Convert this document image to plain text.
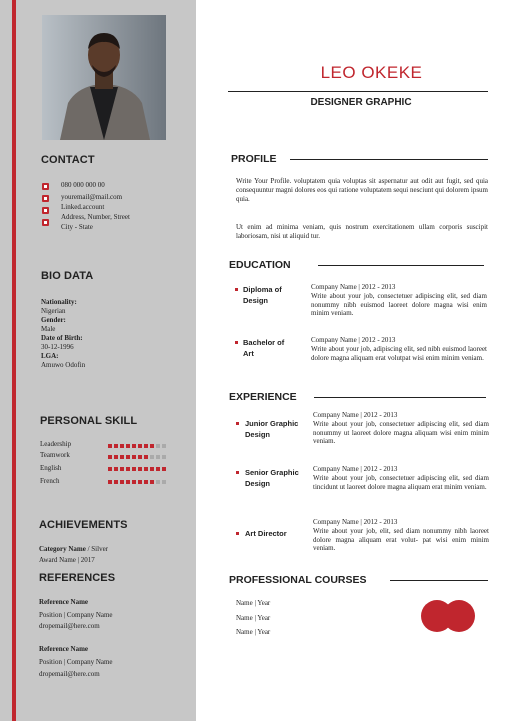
CONTACT
080 000 000 00
youremail@mail.com
Linked.account
Address, Number, Street
City - State
BIO DATA
Nationality:
Nigerian
Gender:
Male
Date of Birth:
30-12-1996
LGA:
Amuwo Odofin
PERSONAL SKILL
Leadership
Teamwork
English
French
ACHIEVEMENTS
Category Name / Silver
Award Name | 2017
REFERENCES
Reference Name
Position | Company Name
dropemail@here.com
Reference Name
Position | Company Name
dropemail@here.com
LEO OKEKE
DESIGNER GRAPHIC
PROFILE
Write Your Profile. voluptatem quia voluptas sit aspernatur aut odit aut fugit, sed quia consequuntur magni dolores eos qui ratione voluptatem sequi nesciunt qui dolorem ipsum quia.
Ut enim ad minima veniam, quis nostrum exercitationem ullam corporis suscipit laboriosam, nisi ut aliquid tur.
EDUCATION
Diploma of
Design
Company Name | 2012 - 2013
Write about your job, consectetuer adipiscing elit, sed diam nonummy nibh euismod laoreet dolore magna wisi enim minim veniam.
Bachelor of
Art
Company Name | 2012 - 2013
Write about your job, adipiscing elit, sed nibh euismod laoreet dolore magna aliquam erat volutpat wisi enim minim veniam.
EXPERIENCE
Junior Graphic
Design
Company Name | 2012 - 2013
Write about your job, consectetuer adipiscing elit, sed diam nonummy ut laoreet dolore magna aliquam wisi enim minim veniam.
Senior Graphic
Design
Company Name | 2012 - 2013
Write about your job, consectetuer adipiscing elit, sed diam tincidunt ut laoreet dolore magna aliquam erat minim veniam.
Art Director
Company Name | 2012 - 2013
Write about your job, elit, sed diam nonummy nibh laoreet dolore magna aliquam erat volut- pat wisi enim minim veniam.
PROFESSIONAL COURSES
Name | Year
Name | Year
Name | Year
